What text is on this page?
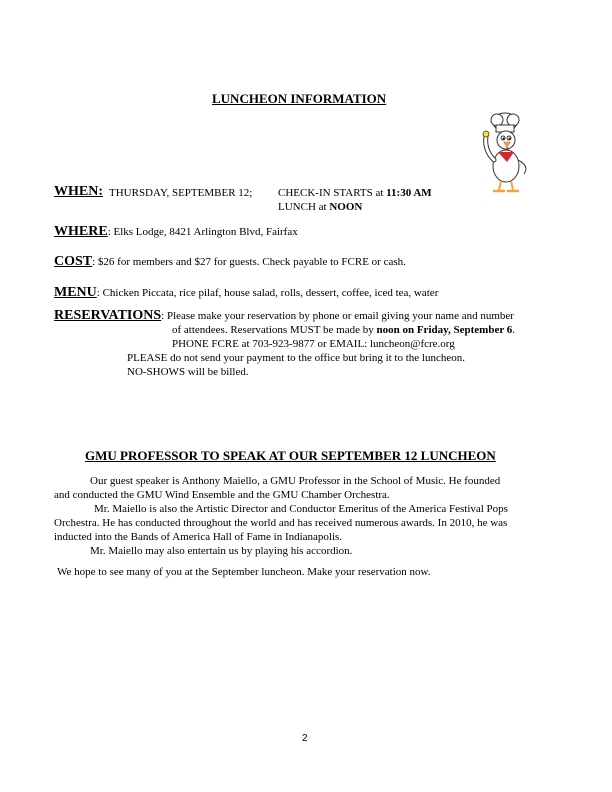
LUNCHEON INFORMATION
WHEN: THURSDAY, SEPTEMBER 12; CHECK-IN STARTS at 11:30 AM
LUNCH at NOON
WHERE: Elks Lodge, 8421 Arlington Blvd, Fairfax
COST: $26 for members and $27 for guests. Check payable to FCRE or cash.
MENU: Chicken Piccata, rice pilaf, house salad, rolls, dessert, coffee, iced tea, water
RESERVATIONS: Please make your reservation by phone or email giving your name and number
of attendees. Reservations MUST be made by noon on Friday, September 6.
PHONE FCRE at 703-923-9877 or EMAIL: luncheon@fcre.org
PLEASE do not send your payment to the office but bring it to the luncheon.
NO-SHOWS will be billed.
GMU PROFESSOR TO SPEAK AT OUR SEPTEMBER 12 LUNCHEON
Our guest speaker is Anthony Maiello, a GMU Professor in the School of Music. He founded
and conducted the GMU Wind Ensemble and the GMU Chamber Orchestra.
Mr. Maiello is also the Artistic Director and Conductor Emeritus of the America Festival Pops
Orchestra. He has conducted throughout the world and has received numerous awards. In 2010, he was
inducted into the Bands of America Hall of Fame in Indianapolis.
Mr. Maiello may also entertain us by playing his accordion.
We hope to see many of you at the September luncheon. Make your reservation now.
2
